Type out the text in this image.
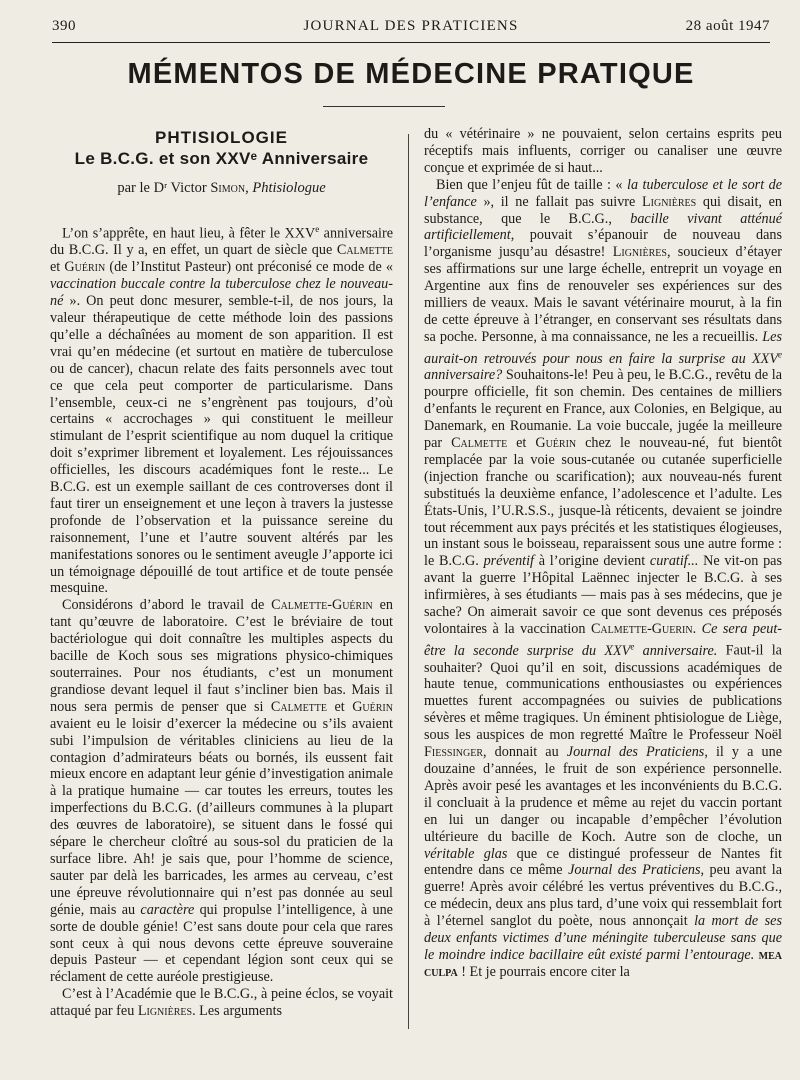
390	JOURNAL DES PRATICIENS	28 août 1947
MÉMENTOS DE MÉDECINE PRATIQUE
PHTISIOLOGIE
Le B.C.G. et son XXVᵉ Anniversaire
par le Dʳ Victor Simon, Phtisiologue

L’on s’apprête, en haut lieu, à fêter le XXVe anniversaire du B.C.G. Il y a, en effet, un quart de siècle que Calmette et Guérin (de l’Institut Pasteur) ont préconisé ce mode de « vaccination buccale contre la tuberculose chez le nouveau-né ». On peut donc mesurer, semble-t-il, de nos jours, la valeur thérapeutique de cette méthode loin des passions qu’elle a déchaînées au moment de son apparition. Il est vrai qu’en médecine (et surtout en matière de tuberculose ou de cancer), chacun relate des faits personnels avec tout ce que cela peut comporter de particularisme. Dans l’ensemble, ceux-ci ne s’engrènent pas toujours, d’où certains « accrochages » qui constituent le meilleur stimulant de l’esprit scientifique au nom duquel la critique doit s’exprimer librement et loyalement. Les réjouissances officielles, les discours académiques font le reste... Le B.C.G. est un exemple saillant de ces controverses dont il faut tirer un enseignement et une leçon à travers la justesse profonde de l’observation et la puissance sereine du raisonnement, l’une et l’autre souvent altérés par les manifestations sonores ou le sentiment aveugle J’apporte ici un témoignage dépouillé de tout artifice et de toute pensée mesquine.

Considérons d’abord le travail de Calmette-Guérin en tant qu’œuvre de laboratoire. C’est le bréviaire de tout bactériologue qui doit connaître les multiples aspects du bacille de Koch sous ses migrations physico-chimiques souterraines. Pour nos étudiants, c’est un monument grandiose devant lequel il faut s’incliner bien bas. Mais il nous sera permis de penser que si Calmette et Guérin avaient eu le loisir d’exercer la médecine ou s’ils avaient subi l’impulsion de véritables cliniciens au lieu de la contagion d’admirateurs béats ou bornés, ils eussent fait mieux encore en adaptant leur génie d’investigation animale à la pratique humaine — car toutes les erreurs, toutes les imperfections du B.C.G. (d’ailleurs communes à la plupart des œuvres de laboratoire), se situent dans le fossé qui sépare le chercheur cloîtré au sous-sol du praticien de la surface libre. Ah! je sais que, pour l’homme de science, sauter par delà les barricades, les armes au cerveau, c’est une épreuve révolutionnaire qui n’est pas donnée au seul génie, mais au caractère qui propulse l’intelligence, à une sorte de double génie! C’est sans doute pour cela que rares sont ceux à qui nous devons cette épreuve souveraine depuis Pasteur — et cependant légion sont ceux qui se réclament de cette auréole prestigieuse.

C’est à l’Académie que le B.C.G., à peine éclos, se voyait attaqué par feu Lignières. Les arguments

du « vétérinaire » ne pouvaient, selon certains esprits peu réceptifs mais influents, corriger ou canaliser une œuvre conçue et exprimée de si haut...

Bien que l’enjeu fût de taille : « la tuberculose et le sort de l’enfance », il ne fallait pas suivre Lignières qui disait, en substance, que le B.C.G., bacille vivant atténué artificiellement, pouvait s’épanouir de nouveau dans l’organisme jusqu’au désastre! Lignières, soucieux d’étayer ses affirmations sur une large échelle, entreprit un voyage en Argentine aux fins de renouveler ses expériences sur des milliers de veaux. Mais le savant vétérinaire mourut, à la fin de cette épreuve à l’étranger, en conservant ses résultats dans sa poche. Personne, à ma connaissance, ne les a recueillis. Les aurait-on retrouvés pour nous en faire la surprise au XXVe anniversaire? Souhaitons-le! Peu à peu, le B.C.G., revêtu de la pourpre officielle, fit son chemin. Des centaines de milliers d’enfants le reçurent en France, aux Colonies, en Belgique, au Danemark, en Roumanie. La voie buccale, jugée la meilleure par Calmette et Guérin chez le nouveau-né, fut bientôt remplacée par la voie sous-cutanée ou cutanée superficielle (injection franche ou scarification); aux nouveau-nés furent substitués la deuxième enfance, l’adolescence et l’adulte. Les États-Unis, l’U.R.S.S., jusque-là réticents, devaient se joindre tout récemment aux pays précités et les statistiques élogieuses, un instant sous le boisseau, reparaissent sous une autre forme : le B.C.G. préventif à l’origine devient curatif... Ne vit-on pas avant la guerre l’Hôpital Laënnec injecter le B.C.G. à ses infirmières, à ses étudiants — mais pas à ses médecins, que je sache? On aimerait savoir ce que sont devenus ces préposés volontaires à la vaccination Calmette-Guerin. Ce sera peut-être la seconde surprise du XXVe anniversaire. Faut-il la souhaiter? Quoi qu’il en soit, discussions académiques de haute tenue, communications enthousiastes ou expériences muettes furent accompagnées ou suivies de publications sévères et même tragiques. Un éminent phtisiologue de Liège, sous les auspices de mon regretté Maître le Professeur Noël Fiessinger, donnait au Journal des Praticiens, il y a une douzaine d’années, le fruit de son expérience personnelle. Après avoir pesé les avantages et les inconvénients du B.C.G. il concluait à la prudence et même au rejet du vaccin portant en lui un danger ou incapable d’empêcher l’évolution ultérieure du bacille de Koch. Autre son de cloche, un véritable glas que ce distingué professeur de Nantes fit entendre dans ce même Journal des Praticiens, peu avant la guerre! Après avoir célébré les vertus préventives du B.C.G., ce médecin, deux ans plus tard, d’une voix qui ressemblait fort à l’éternel sanglot du poète, nous annonçait la mort de ses deux enfants victimes d’une méningite tuberculeuse sans que le moindre indice bacillaire eût existé parmi l’entourage. mea culpa ! Et je pourrais encore citer la
